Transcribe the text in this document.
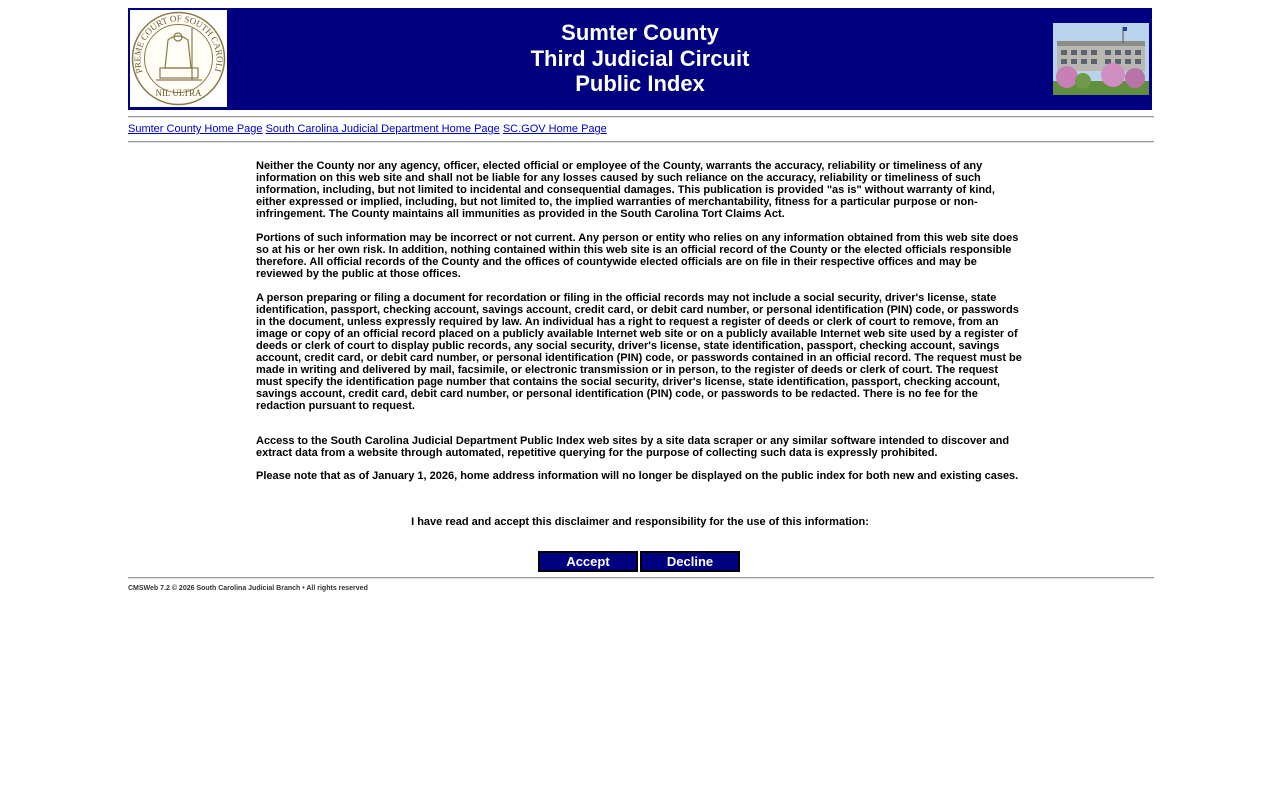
PREME COURT OF SOUTH CAROLI
NIL ULTRA
Sumter County
Third Judicial Circuit
Public Index
Sumter County Home Page South Carolina Judicial Department Home Page SC.GOV Home Page

Neither the County nor any agency, officer, elected official or employee of the County, warrants the accuracy, reliability or timeliness of any information on this web site and shall not be liable for any losses caused by such reliance on the accuracy, reliability or timeliness of such information, including, but not limited to incidental and consequential damages. This publication is provided "as is" without warranty of kind, either expressed or implied, including, but not limited to, the implied warranties of merchantability, fitness for a particular purpose or non-infringement. The County maintains all immunities as provided in the South Carolina Tort Claims Act.

Portions of such information may be incorrect or not current. Any person or entity who relies on any information obtained from this web site does so at his or her own risk. In addition, nothing contained within this web site is an official record of the County or the elected officials responsible therefore. All official records of the County and the offices of countywide elected officials are on file in their respective offices and may be reviewed by the public at those offices.

A person preparing or filing a document for recordation or filing in the official records may not include a social security, driver's license, state identification, passport, checking account, savings account, credit card, or debit card number, or personal identification (PIN) code, or passwords in the document, unless expressly required by law. An individual has a right to request a register of deeds or clerk of court to remove, from an image or copy of an official record placed on a publicly available Internet web site or on a publicly available Internet web site used by a register of deeds or clerk of court to display public records, any social security, driver's license, state identification, passport, checking account, savings account, credit card, or debit card number, or personal identification (PIN) code, or passwords contained in an official record. The request must be made in writing and delivered by mail, facsimile, or electronic transmission or in person, to the register of deeds or clerk of court. The request must specify the identification page number that contains the social security, driver's license, state identification, passport, checking account, savings account, credit card, debit card number, or personal identification (PIN) code, or passwords to be redacted. There is no fee for the redaction pursuant to request.

Access to the South Carolina Judicial Department Public Index web sites by a site data scraper or any similar software intended to discover and extract data from a website through automated, repetitive querying for the purpose of collecting such data is expressly prohibited.

Please note that as of January 1, 2026, home address information will no longer be displayed on the public index for both new and existing cases.

I have read and accept this disclaimer and responsibility for the use of this information:
Accept	Decline
CMSWeb 7.2 © 2026 South Carolina Judicial Branch • All rights reserved
